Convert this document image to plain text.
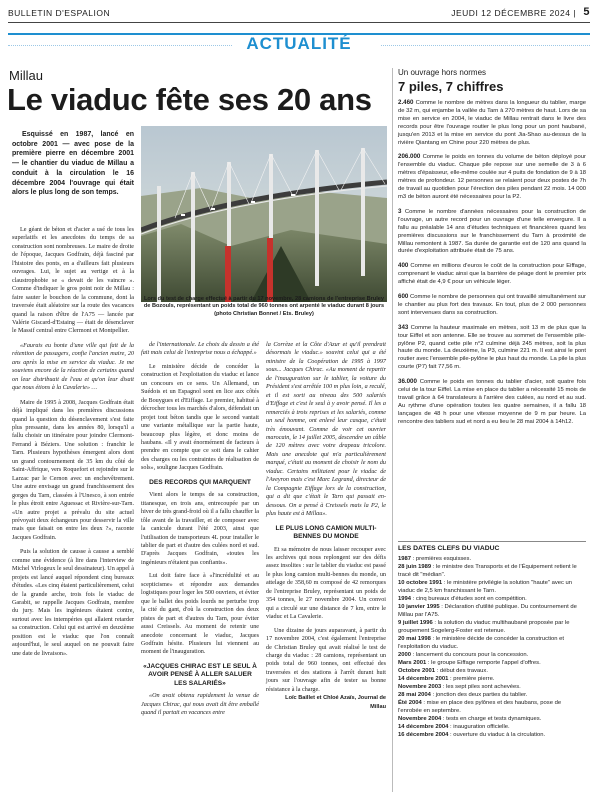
BULLETIN D'ESPALION	JEUDI 12 DÉCEMBRE 2024 | 5
ACTUALITÉ
Millau
Le viaduc fête ses 20 ans
Esquissé en 1987, lancé en octobre 2001 — avec pose de la première pierre en décembre 2001 — le chantier du viaduc de Millau a conduit à la circulation le 16 décembre 2004 l'ouvrage qui était alors le plus long de son temps.
Lors du test de charge effectué à partir du 17 novembre, 28 camions de l'entreprise Bruley de Bozouls, représentant un poids total de 960 tonnes ont arpenté le viaduc durant 8 jours (photo Christian Bonnet / Ets. Bruley)

Le géant de béton et d'acier a usé de tous les superlatifs et les anecdotes du temps de sa construction sont nombreuses. Le maire de droite de l'époque, Jacques Godfrain, déjà fasciné par l'histoire des ponts, en a d'ailleurs fait plusieurs ouvrages. Lui, le sujet au vertige et à la claustrophobie se « devait de les vaincre ». Comme d'indiquer le gros point noir de Millau : faire sauter le bouchon de la commune, dont la traversée était aléatoire sur la route des vacances quand la raison d'être de l'A75 — lancée par Valérie Giscard-d'Estaing — était de désenclaver le Massif central entre Clermont et Montpellier.

«Faurais eu honte d'une ville qui fait de la rétention de passagers, confie l'ancien maire, 20 ans après la mise en service du viaduc. Je me souviens encore de la réaction de certains quand on leur distribuait de l'eau et qu'on leur disait que nous étions à la Cavalerie» …

Maire de 1995 à 2008, Jacques Godfrain était déjà impliqué dans les premières discussions quand la question du désenclavement s'est faite plus pressante, dans les années 80, lorsqu'il a fallu choisir un itinéraire pour joindre Clermont-Ferrand à Béziers. Une solution : franchir le Tarn. Plusieurs hypothèses émergent alors dont un grand contournement de 35 km du côté de Saint-Affrique, vers Roquefort et rejoindre sur le Larzac par le Cernon avec un enchevêtrement. Une autre envisage un grand franchissement des gorges du Tarn, classées à l'Unesco, à son entrée le plus étroit entre Aguessac et Rivière-sur-Tarn. «Un autre projet a prévalu du site actuel prévoyait deux échangeurs pour desservir la ville mais que faisait on entre les deux ?», raconte Jacques Godfrain.

Puis la solution de causse à causse a semblé comme une évidence (à lire dans l'interview de Michel Virlogeux le seul dessinateur). Un appel à projets est lancé auquel répondent cinq bureaux d'études. «Les cinq étaient particulièrement, celui de la grande arche, trois fois le viaduc de Garabit, se rappelle Jacques Godfrain, membre du jury. Mais les ingénieurs étaient contre, surtout avec les intempéries qui allaient retarder sa construction. Celui qui est arrivé en deuxième position est le viaduc que l'on connaît aujourd'hui, le seul auquel on ne pouvait faire une date de livraison».

de l'internationale. Le choix du dessin a été fait mais celui de l'entreprise nous a échappé.»

Le ministère décide de concéder la construction et l'exploitation du viaduc et lance un concours en ce sens. Un Allemand, un Suédois et un Espagnol sont en lice aux côtés de Bouygues et d'Eiffage. Le premier, habitué à décrocher tous les marchés d'alors, défendait un projet tout béton tandis que le second vantait une variante métallique sur la partie haute, beaucoup plus légère, et donc moins de haubans. «Il y avait énormément de facteurs à prendre en compte que ce soit dans le cahier des charges ou les contraintes de réalisation de sols», souligne Jacques Godfrain.

DES RECORDS QUI MARQUENT

Vient alors le temps de sa construction, titanesque, en trois ans, entrecoupée par un hiver de très grand-froid où il a fallu chauffer la tôle avant de la travailler, et de composer avec la canicule durant l'été 2003, ainsi que l'utilisation de transporteurs 4L pour installer le tablier de part et d'autre des culées nord et sud. D'après Jacques Godfrain, «toutes les ingénieurs n'étaient pas confiants».

Lui doit faire face à «l'incrédulité et au scepticisme» et répondre aux demandes logistiques pour loger les 500 ouvriers, et éviter que le ballet des poids lourds ne perturbe trop la cité du gant, d'où la construction des deux pistes de part et d'autres du Tarn, pour éviter aussi Creissels. Au moment de retenir une anecdote concernant le viaduc, Jacques Godfrain hésite. Plusieurs lui viennent au moment de l'inauguration.

«JACQUES CHIRAC EST LE SEUL À AVOIR PENSÉ À ALLER SALUER LES SALARIÉS»

«On avait obtenu rapidement la venue de Jacques Chirac, qui nous avait dit être emballé quand il partait en vacances entre

la Corrèze et la Côte d'Azur et qu'il prendrait désormais le viaduc.» souvint celui qui a été ministre de la Coopération de 1995 à 1997 sous... Jacques Chirac. «Au moment de repartir de l'inauguration sur le tablier, la voiture du Président s'est arrêtée 100 m plus loin, a reculé, et il est sorti au niveau des 500 salariés d'Eiffage et c'est le seul à y avoir pensé. Il les a remerciés à trois reprises et les salariés, comme un seul homme, ont enlevé leur casque, c'était très émouvant. Comme de voir cet ouvrier marocain, le 14 juillet 2005, descendre un câble de 120 mètres avec votre drapeau tricolore. Mais une anecdote qui m'a particulièrement marqué, c'était au moment de choisir le nom du viaduc. Certains militaient pour le viaduc de l'Aveyron mais c'est Marc Legrand, directeur de la Compagnie Eiffage lors de la construction, qui a dit que c'était le Tarn qui passait en-dessous. On a pensé à Creissels mais la P2, le plus haute est à Millau».

LE PLUS LONG CAMION MULTI-BENNES DU MONDE

Et sa mémoire de nous laisser recouper avec les archives qui nous replongent sur des défis assez insolites : sur le tablier du viaduc est passé le plus long camion multi-bennes du monde, un attelage de 358,60 m composé de 42 remorques de l'entreprise Bruley, représentant un poids de 354 tonnes, le 27 novembre 2004. Un convoi qui a circulé sur une distance de 7 km, entre le viaduc et La Cavalerie.

Une dizaine de jours auparavant, à partir du 17 novembre 2004, c'est également l'entreprise de Christian Bruley qui avait réalisé le test de charge du viaduc : 28 camions, représentant un poids total de 960 tonnes, ont effectué des traversées et des stations à l'arrêt durant huit jours sur l'ouvrage afin de tester sa bonne résistance à la charge.

Loïc Baillet et Chloé Azaïs, Journal de Millau

Un ouvrage hors normes
7 piles, 7 chiffres

2.460 Comme le nombre de mètres dans la longueur du tablier, marge de 32 m, qui enjambe la vallée du Tarn à 270 mètres de haut. Lors de sa mise en service en 2004, le viaduc de Millau rentrait dans le livre des records pour être l'ouvrage routier le plus long pour un pont haubané, jusqu'en 2013 et la mise en service du pont Jia-Shao au-dessus de la rivière Qiantang en Chine pour 220 mètres de plus.

206.000 Comme le poids en tonnes du volume de béton déployé pour l'ensemble du viaduc. Chaque pile repose sur une semelle de 3 à 6 mètres d'épaisseur, elle-même coulée sur 4 puits de fondation de 9 à 18 mètres de profondeur. 12 personnes se relaient pour deux postes de 7h de travail au quotidien pour l'érection des piles pendant 22 mois. 14 000 m3 de béton auront été nécessaires pour la P2.

3 Comme le nombre d'années nécessaires pour la construction de l'ouvrage, un autre record pour un ouvrage d'une telle envergure. Il a fallu au préalable 14 ans d'études techniques et financières quand les premières discussions sur le franchissement du Tarn à proximité de Millau remontent à 1987. Sa durée de garantie est de 120 ans quand la durée d'exploitation attribuée était de 75 ans.

400 Comme en millions d'euros le coût de la construction pour Eiffage, comprenant le viaduc ainsi que la barrière de péage dont le premier prix affiché était de 4,9 € pour un véhicule léger.

600 Comme le nombre de personnes qui ont travaillé simultanément sur le chantier au plus fort des travaux. En tout, plus de 2 000 personnes sont intervenues dans sa construction.

343 Comme la hauteur maximale en mètres, soit 13 m de plus que la tour Eiffel et son antenne. Elle se trouve au sommet de l'ensemble pile-pylône P2, quand cette pile n°2 culmine déjà 245 mètres, soit la plus haute du monde. La deuxième, la P3, culmine 221 m. Il est ainsi le pont routier avec l'ensemble pile-pylône le plus haut du monde. La pile la plus courte (P7) fait 77,56 m.

36.000 Comme le poids en tonnes du tablier d'acier, soit quatre fois celui de la tour Eiffel. La mise en place du tablier a nécessité 15 mois de travail grâce à 64 translateurs à l'arrière des culées, au nord et au sud. Au rythme d'une opération toutes les quatre semaines, il a fallu 18 lançages de 48 h pour une vitesse moyenne de 9 m par heure. La rencontre des tabliers sud et nord a eu lieu le 28 mai 2004 à 14h12.

LES DATES CLEFS DU VIADUC
1987 : premières esquisses.
28 juin 1989 : le ministre des Transports et de l'Équipement retient le tracé dit "médian".
10 octobre 1991 : le ministère privilégie la solution "haute" avec un viaduc de 2,5 km franchissant le Tarn.
1994 : cinq bureaux d'études sont en compétition.
10 janvier 1995 : Déclaration d'utilité publique. Du contournement de Millau par l'A75.
9 juillet 1996 : la solution du viaduc multihaubané proposée par le groupement Sogelerg-Foster est retenue.
20 mai 1998 : le ministère décide de concéder la construction et l'exploitation du viaduc.
2000 : lancement du concours pour la concession.
Mars 2001 : le groupe Eiffage remporte l'appel d'offres.
Octobre 2001 : début des travaux.
14 décembre 2001 : première pierre.
Novembre 2003 : les sept piles sont achevées.
28 mai 2004 : jonction des deux parties du tablier.
Été 2004 : mise en place des pylônes et des haubans, pose de l'enrobée en septembre.
Novembre 2004 : tests en charge et tests dynamiques.
14 décembre 2004 : inauguration officielle.
16 décembre 2004 : ouverture du viaduc à la circulation.
